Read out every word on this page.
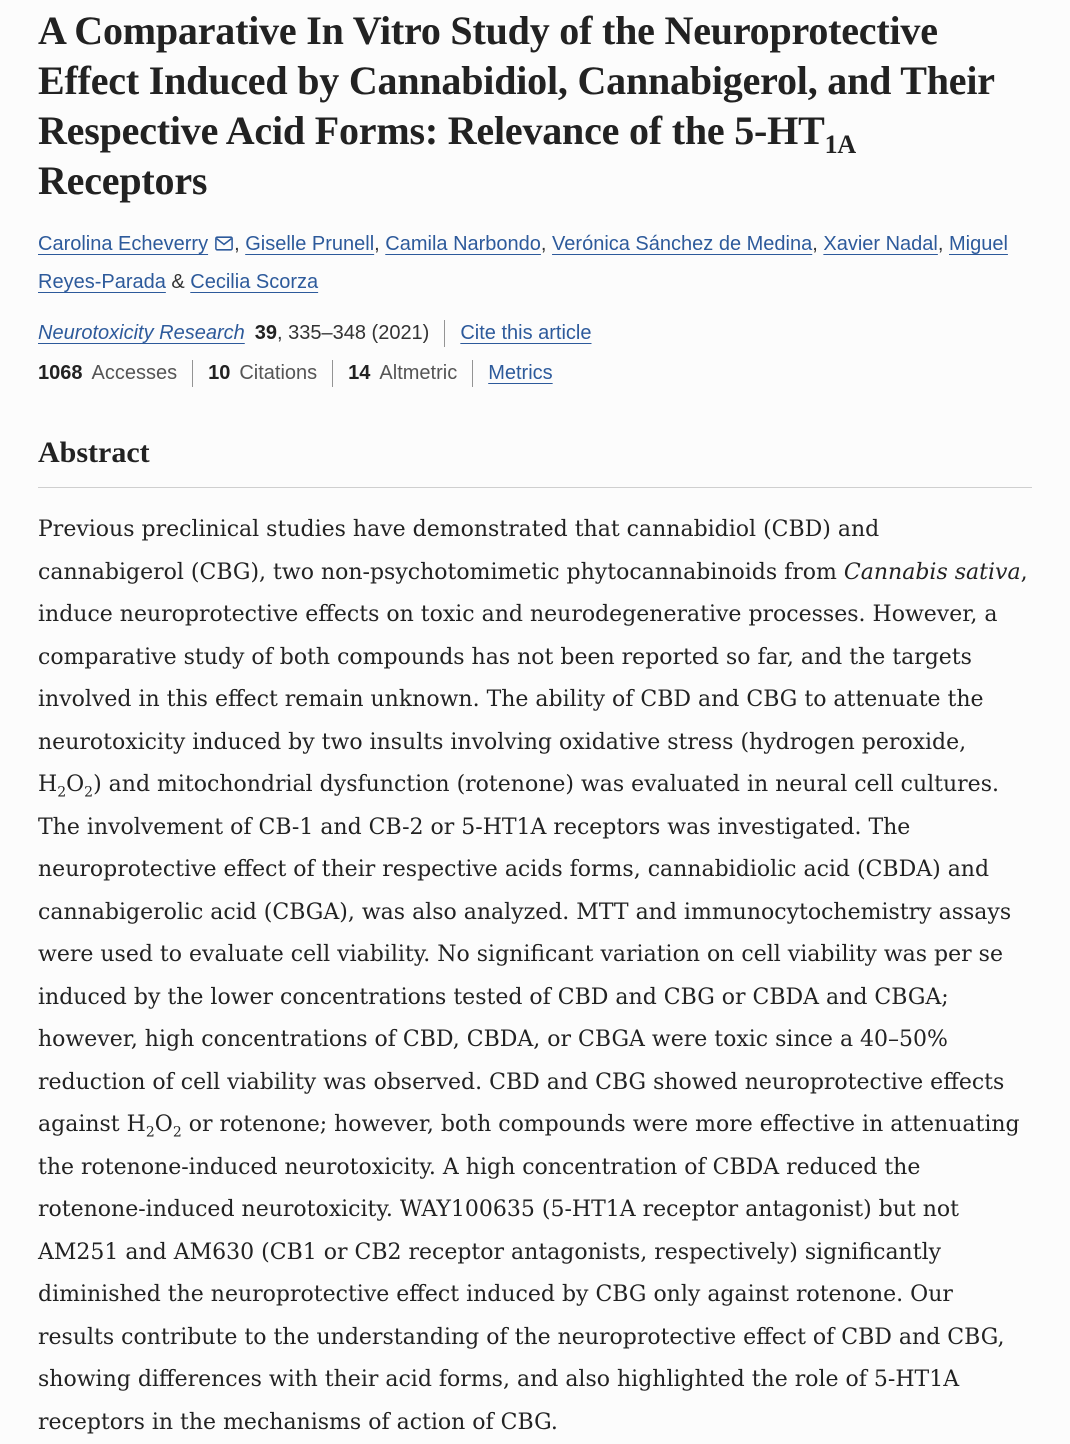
A Comparative In Vitro Study of the Neuroprotective Effect Induced by Cannabidiol, Cannabigerol, and Their Respective Acid Forms: Relevance of the $5-HT_{1A}$ Receptors

Carolina Echeverry , Giselle Prunell, Camila Narbondo, Verónica Sánchez de Medina, Xavier Nadal, Miguel Reyes-Parada & Cecilia Scorza

Neurotoxicity Research 39 , 335–348 (2021) Cite this article
1068 Accesses 10 Citations 14 Altmetric Metrics
Abstract
Previous preclinical studies have demonstrated that cannabidiol (CBD) and cannabigerol (CBG), two non-psychotomimetic phytocannabinoids from Cannabis sativa, induce neuroprotective effects on toxic and neurodegenerative processes. However, a comparative study of both compounds has not been reported so far, and the targets involved in this effect remain unknown. The ability of CBD and CBG to attenuate the neurotoxicity induced by two insults involving oxidative stress (hydrogen peroxide, $H_2O_2$) and mitochondrial dysfunction (rotenone) was evaluated in neural cell cultures. The involvement of CB-1 and CB-2 or 5-HT1A receptors was investigated. The neuroprotective effect of their respective acids forms, cannabidiolic acid (CBDA) and cannabigerolic acid (CBGA), was also analyzed. MTT and immunocytochemistry assays were used to evaluate cell viability. No significant variation on cell viability was per se induced by the lower concentrations tested of CBD and CBG or CBDA and CBGA; however, high concentrations of CBD, CBDA, or CBGA were toxic since a 40–50% reduction of cell viability was observed. CBD and CBG showed neuroprotective effects against $H_2O_2$ or rotenone; however, both compounds were more effective in attenuating the rotenone-induced neurotoxicity. A high concentration of CBDA reduced the rotenone-induced neurotoxicity. WAY100635 (5-HT1A receptor antagonist) but not AM251 and AM630 (CB1 or CB2 receptor antagonists, respectively) significantly diminished the neuroprotective effect induced by CBG only against rotenone. Our results contribute to the understanding of the neuroprotective effect of CBD and CBG, showing differences with their acid forms, and also highlighted the role of 5-HT1A receptors in the mechanisms of action of CBG.
